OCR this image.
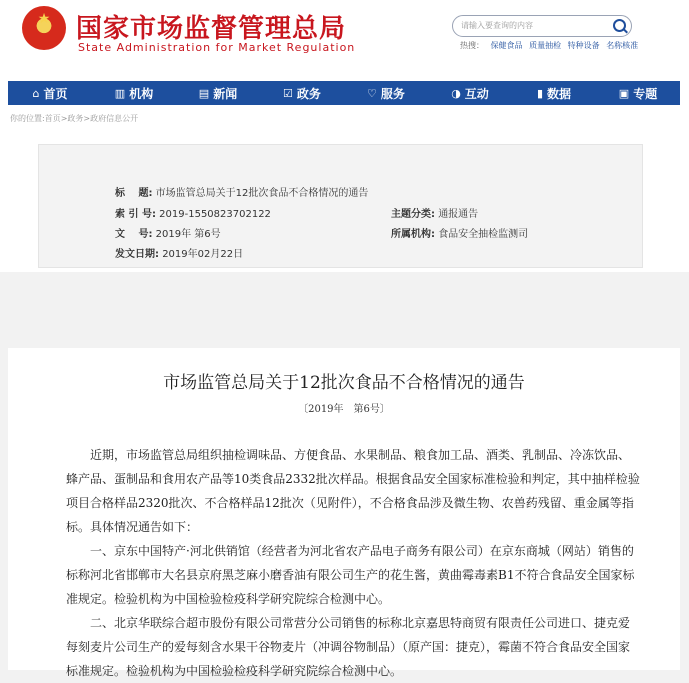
★ 国家市场监督管理总局
State Administration for Market Regulation
请输入要查询的内容
热搜： 保健食品 质量抽检 特种设备 名称核准
⌂ 首页	▥ 机构	▤ 新闻	☑ 政务	♡ 服务	◑ 互动	▮ 数据	▣ 专题
你的位置:首页>政务>政府信息公开
标　 题: 市场监管总局关于12批次食品不合格情况的通告
索 引 号: 2019-1550823702122	主题分类: 通报通告
文　 号: 2019年 第6号	所属机构: 食品安全抽检监测司
发文日期: 2019年02月22日
市场监管总局关于12批次食品不合格情况的通告
〔2019年　第6号〕
近期，市场监管总局组织抽检调味品、方便食品、水果制品、粮食加工品、酒类、乳制品、冷冻饮品、蜂产品、蛋制品和食用农产品等10类食品2332批次样品。根据食品安全国家标准检验和判定，其中抽样检验项目合格样品2320批次、不合格样品12批次（见附件），不合格食品涉及微生物、农兽药残留、重金属等指标。具体情况通告如下：
一、京东中国特产·河北供销馆（经营者为河北省农产品电子商务有限公司）在京东商城（网站）销售的标称河北省邯郸市大名县京府黑芝麻小磨香油有限公司生产的花生酱，黄曲霉毒素B1不符合食品安全国家标准规定。检验机构为中国检验检疫科学研究院综合检测中心。
二、北京华联综合超市股份有限公司常营分公司销售的标称北京嘉思特商贸有限责任公司进口、捷克爱每刻麦片公司生产的爱每刻含水果干谷物麦片（冲调谷物制品）（原产国：捷克），霉菌不符合食品安全国家标准规定。检验机构为中国检验检疫科学研究院综合检测中心。
